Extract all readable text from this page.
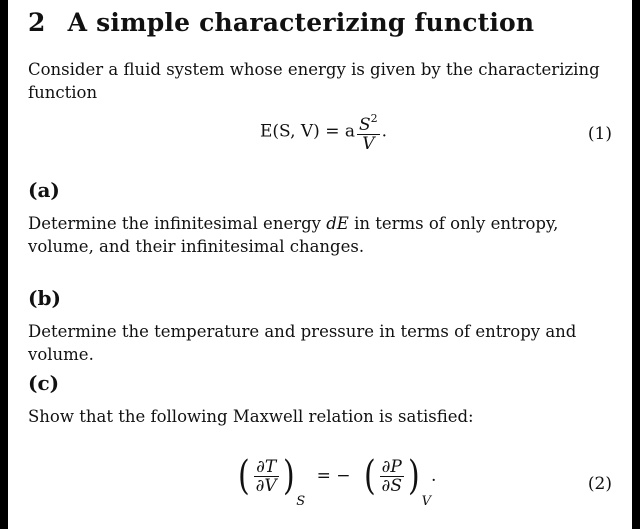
2 A simple characterizing function
Consider a fluid system whose energy is given by the characterizing function
E(S, V) = a $\frac{S^2}{V}$ .	(1)
(a)
Determine the infinitesimal energy dE in terms of only entropy, volume, and their infinitesimal changes.
(b)
Determine the temperature and pressure in terms of entropy and volume.
(c)
Show that the following Maxwell relation is satisfied:
( $\frac{\partial T}{\partial V} )S$ = − ( $\frac{\partial P}{\partial S} )V$.	(2)
